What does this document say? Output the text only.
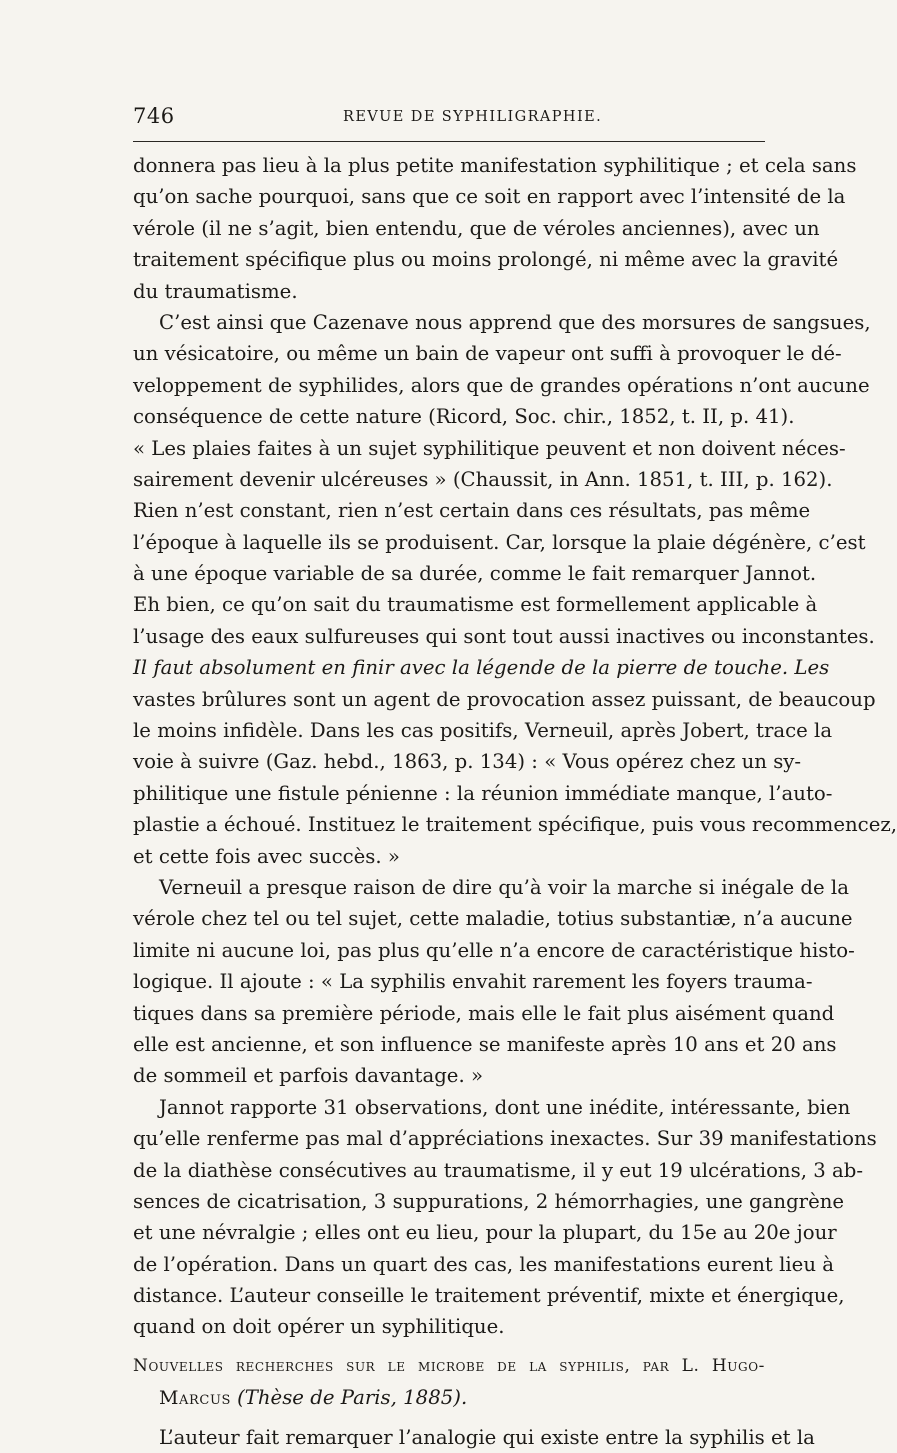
746	REVUE DE SYPHILIGRAPHIE.
donnera pas lieu à la plus petite manifestation syphilitique ; et cela sans
qu’on sache pourquoi, sans que ce soit en rapport avec l’intensité de la
vérole (il ne s’agit, bien entendu, que de véroles anciennes), avec un
traitement spécifique plus ou moins prolongé, ni même avec la gravité
du traumatisme.
C’est ainsi que Cazenave nous apprend que des morsures de sangsues,
un vésicatoire, ou même un bain de vapeur ont suffi à provoquer le dé-
veloppement de syphilides, alors que de grandes opérations n’ont aucune
conséquence de cette nature (Ricord, Soc. chir., 1852, t. II, p. 41).
« Les plaies faites à un sujet syphilitique peuvent et non doivent néces-
sairement devenir ulcéreuses » (Chaussit, in Ann. 1851, t. III, p. 162).
Rien n’est constant, rien n’est certain dans ces résultats, pas même
l’époque à laquelle ils se produisent. Car, lorsque la plaie dégénère, c’est
à une époque variable de sa durée, comme le fait remarquer Jannot.
Eh bien, ce qu’on sait du traumatisme est formellement applicable à
l’usage des eaux sulfureuses qui sont tout aussi inactives ou inconstantes.
Il faut absolument en finir avec la légende de la pierre de touche. Les
vastes brûlures sont un agent de provocation assez puissant, de beaucoup
le moins infidèle. Dans les cas positifs, Verneuil, après Jobert, trace la
voie à suivre (Gaz. hebd., 1863, p. 134) : « Vous opérez chez un sy-
philitique une fistule pénienne : la réunion immédiate manque, l’auto-
plastie a échoué. Instituez le traitement spécifique, puis vous recommencez,
et cette fois avec succès. »
Verneuil a presque raison de dire qu’à voir la marche si inégale de la
vérole chez tel ou tel sujet, cette maladie, totius substantiæ, n’a aucune
limite ni aucune loi, pas plus qu’elle n’a encore de caractéristique histo-
logique. Il ajoute : « La syphilis envahit rarement les foyers trauma-
tiques dans sa première période, mais elle le fait plus aisément quand
elle est ancienne, et son influence se manifeste après 10 ans et 20 ans
de sommeil et parfois davantage. »
Jannot rapporte 31 observations, dont une inédite, intéressante, bien
qu’elle renferme pas mal d’appréciations inexactes. Sur 39 manifestations
de la diathèse consécutives au traumatisme, il y eut 19 ulcérations, 3 ab-
sences de cicatrisation, 3 suppurations, 2 hémorrhagies, une gangrène
et une névralgie ; elles ont eu lieu, pour la plupart, du 15e au 20e jour
de l’opération. Dans un quart des cas, les manifestations eurent lieu à
distance. L’auteur conseille le traitement préventif, mixte et énergique,
quand on doit opérer un syphilitique.
Nouvelles recherches sur le microbe de la syphilis, par L. Hugo-
Marcus (Thèse de Paris, 1885).
L’auteur fait remarquer l’analogie qui existe entre la syphilis et la
